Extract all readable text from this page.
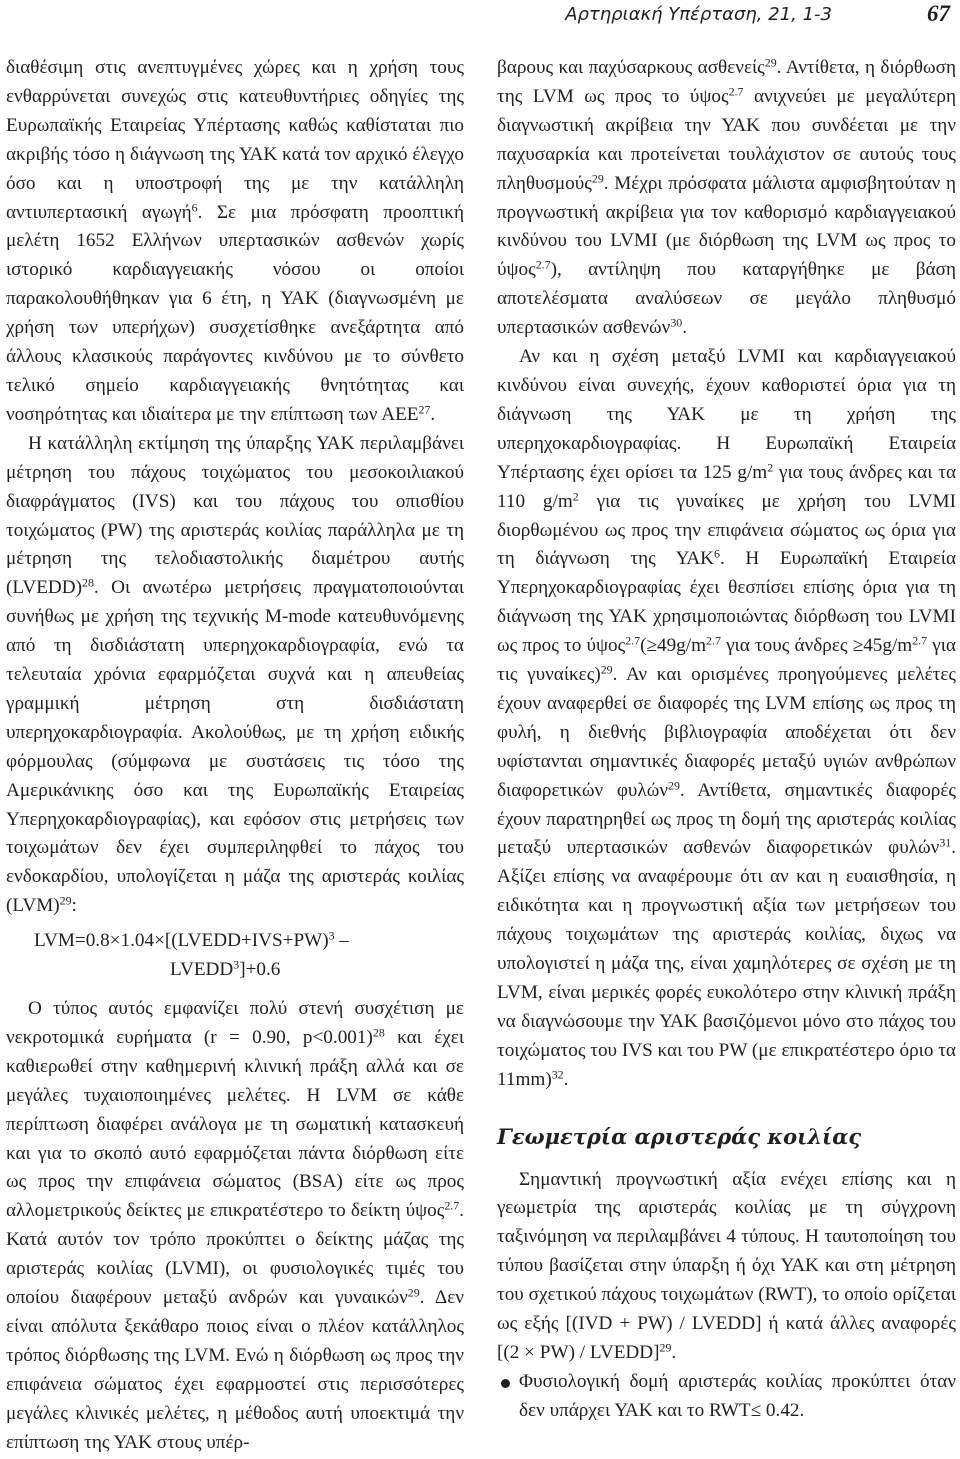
Αρτηριακή Υπέρταση, 21, 1-3	67

διαθέσιμη στις ανεπτυγμένες χώρες και η χρήση τους ενθαρρύνεται συνεχώς στις κατευθυντήριες οδηγίες της Ευρωπαϊκής Εταιρείας Υπέρτασης καθώς καθίσταται πιο ακριβής τόσο η διάγνωση της ΥΑΚ κατά τον αρχικό έλεγχο όσο και η υποστροφή της με την κατάλληλη αντιυπερτασική αγωγή$^6$. Σε μια πρόσφατη προοπτική μελέτη 1652 Ελλήνων υπερτασικών ασθενών χωρίς ιστορικό καρδιαγγειακής νόσου οι οποίοι παρακολουθήθηκαν για 6 έτη, η ΥΑΚ (διαγνωσμένη με χρήση των υπερήχων) συσχετίσθηκε ανεξάρτητα από άλλους κλασικούς παράγοντες κινδύνου με το σύνθετο τελικό σημείο καρδιαγγειακής θνητότητας και νοσηρότητας και ιδιαίτερα με την επίπτωση των ΑΕΕ$^{27}$.

Η κατάλληλη εκτίμηση της ύπαρξης ΥΑΚ περιλαμβάνει μέτρηση του πάχους τοιχώματος του μεσοκοιλιακού διαφράγματος (IVS) και του πάχους του οπισθίου τοιχώματος (PW) της αριστεράς κοιλίας παράλληλα με τη μέτρηση της τελοδιαστολικής διαμέτρου αυτής (LVEDD)$^{28}$. Οι ανωτέρω μετρήσεις πραγματοποιούνται συνήθως με χρήση της τεχνικής M-mode κατευθυνόμενης από τη δισδιάστατη υπερηχοκαρδιογραφία, ενώ τα τελευταία χρόνια εφαρμόζεται συχνά και η απευθείας γραμμική μέτρηση στη δισδιάστατη υπερηχοκαρδιογραφία. Ακολούθως, με τη χρήση ειδικής φόρμουλας (σύμφωνα με συστάσεις τις τόσο της Αμερικάνικης όσο και της Ευρωπαϊκής Εταιρείας Υπερηχοκαρδιογραφίας), και εφόσον στις μετρήσεις των τοιχωμάτων δεν έχει συμπεριληφθεί το πάχος του ενδοκαρδίου, υπολογίζεται η μάζα της αριστεράς κοιλίας (LVM)$^{29}$:

LVM=0.8×1.04×[(LVEDD+IVS+PW)$^3$ –
$LVEDD^3]+0.6$

Ο τύπος αυτός εμφανίζει πολύ στενή συσχέτιση με νεκροτομικά ευρήματα (r = 0.90, p<0.001)$^{28}$ και έχει καθιερωθεί στην καθημερινή κλινική πράξη αλλά και σε μεγάλες τυχαιοποιημένες μελέτες. Η LVM σε κάθε περίπτωση διαφέρει ανάλογα με τη σωματική κατασκευή και για το σκοπό αυτό εφαρμόζεται πάντα διόρθωση είτε ως προς την επιφάνεια σώματος (BSA) είτε ως προς αλλομετρικούς δείκτες με επικρατέστερο το δείκτη ύψος$^{2.7}$. Κατά αυτόν τον τρόπο προκύπτει ο δείκτης μάζας της αριστεράς κοιλίας (LVMI), οι φυσιολογικές τιμές του οποίου διαφέρουν μεταξύ ανδρών και γυναικών$^{29}$. Δεν είναι απόλυτα ξεκάθαρο ποιος είναι ο πλέον κατάλληλος τρόπος διόρθωσης της LVM. Ενώ η διόρθωση ως προς την επιφάνεια σώματος έχει εφαρμοστεί στις περισσότερες μεγάλες κλινικές μελέτες, η μέθοδος αυτή υποεκτιμά την επίπτωση της ΥΑΚ στους υπέρ-

βαρους και παχύσαρκους ασθενείς$^{29}$. Αντίθετα, η διόρθωση της LVM ως προς το ύψος$^{2.7}$ ανιχνεύει με μεγαλύτερη διαγνωστική ακρίβεια την ΥΑΚ που συνδέεται με την παχυσαρκία και προτείνεται τουλάχιστον σε αυτούς τους πληθυσμούς$^{29}$. Μέχρι πρόσφατα μάλιστα αμφισβητούταν η προγνωστική ακρίβεια για τον καθορισμό καρδιαγγειακού κινδύνου του LVMI (με διόρθωση της LVM ως προς το ύψος$^{2.7}$), αντίληψη που καταργήθηκε με βάση αποτελέσματα αναλύσεων σε μεγάλο πληθυσμό υπερτασικών ασθενών$^{30}$.

Αν και η σχέση μεταξύ LVMI και καρδιαγγειακού κινδύνου είναι συνεχής, έχουν καθοριστεί όρια για τη διάγνωση της ΥΑΚ με τη χρήση της υπερηχοκαρδιογραφίας. Η Ευρωπαϊκή Εταιρεία Υπέρτασης έχει ορίσει τα 125 $g/m^2$ για τους άνδρες και τα 110 $g/m^2$ για τις γυναίκες με χρήση του LVMI διορθωμένου ως προς την επιφάνεια σώματος ως όρια για τη διάγνωση της ΥΑΚ$^6$. Η Ευρωπαϊκή Εταιρεία Υπερηχοκαρδιογραφίας έχει θεσπίσει επίσης όρια για τη διάγνωση της ΥΑΚ χρησιμοποιώντας διόρθωση του LVMI ως προς το $ύ\psi o\varsigma^{2.7}(\ge 49g/m^{2.7}$ για τους $ά\nu\delta\rho\varepsilon\varsigma \ge 45g/m^{2.7}$ για τις γυναίκες)$^{29}$. Αν και ορισμένες προηγούμενες μελέτες έχουν αναφερθεί σε διαφορές της LVM επίσης ως προς τη φυλή, η διεθνής βιβλιογραφία αποδέχεται ότι δεν υφίστανται σημαντικές διαφορές μεταξύ υγιών ανθρώπων διαφορετικών φυλών$^{29}$. Αντίθετα, σημαντικές διαφορές έχουν παρατηρηθεί ως προς τη δομή της αριστεράς κοιλίας μεταξύ υπερτασικών ασθενών διαφορετικών φυλών$^{31}$. Αξίζει επίσης να αναφέρουμε ότι αν και η ευαισθησία, η ειδικότητα και η προγνωστική αξία των μετρήσεων του πάχους τοιχωμάτων της αριστεράς κοιλίας, διχως να υπολογιστεί η μάζα της, είναι χαμηλότερες σε σχέση με τη LVM, είναι μερικές φορές ευκολότερο στην κλινική πράξη να διαγνώσουμε την ΥΑΚ βασιζόμενοι μόνο στο πάχος του τοιχώματος του IVS και του PW (με επικρατέστερο όριο τα 11mm)$^{32}$.

Γεωμετρία αριστεράς κοιλίας

Σημαντική προγνωστική αξία ενέχει επίσης και η γεωμετρία της αριστεράς κοιλίας με τη σύγχρονη ταξινόμηση να περιλαμβάνει 4 τύπους. Η ταυτοποίηση του τύπου βασίζεται στην ύπαρξη ή όχι ΥΑΚ και στη μέτρηση του σχετικού πάχους τοιχωμάτων (RWT), το οποίο ορίζεται ως εξής [(IVD + PW) / LVEDD] ή κατά άλλες αναφορές [(2 × PW) / LVEDD]$^{29}$.

Φυσιολογική δομή αριστεράς κοιλίας προκύπτει όταν δεν υπάρχει ΥΑΚ και το RWT≤ 0.42.
